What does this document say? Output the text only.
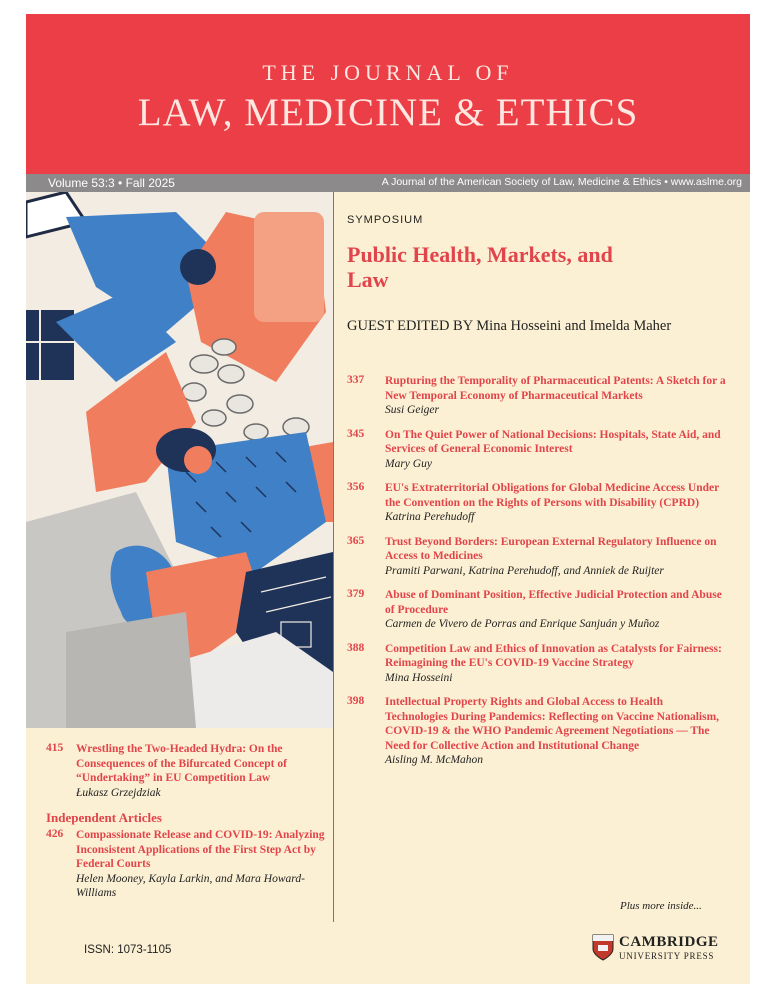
THE JOURNAL OF
LAW, MEDICINE & ETHICS
Volume 53:3 • Fall 2025	A Journal of the American Society of Law, Medicine & Ethics • www.aslme.org
SYMPOSIUM
Public Health, Markets, and Law
GUEST EDITED BY Mina Hosseini and Imelda Maher
337 Rupturing the Temporality of Pharmaceutical Patents: A Sketch for a New Temporal Economy of Pharmaceutical Markets
Susi Geiger
345 On The Quiet Power of National Decisions: Hospitals, State Aid, and Services of General Economic Interest
Mary Guy
356 EU's Extraterritorial Obligations for Global Medicine Access Under the Convention on the Rights of Persons with Disability (CPRD)
Katrina Perehudoff
365 Trust Beyond Borders: European External Regulatory Influence on Access to Medicines
Pramiti Parwani, Katrina Perehudoff, and Anniek de Ruijter
379 Abuse of Dominant Position, Effective Judicial Protection and Abuse of Procedure
Carmen de Vivero de Porras and Enrique Sanjuán y Muñoz
388 Competition Law and Ethics of Innovation as Catalysts for Fairness: Reimagining the EU's COVID-19 Vaccine Strategy
Mina Hosseini
398 Intellectual Property Rights and Global Access to Health Technologies During Pandemics: Reflecting on Vaccine Nationalism, COVID-19 & the WHO Pandemic Agreement Negotiations — The Need for Collective Action and Institutional Change
Aisling M. McMahon
415 Wrestling the Two-Headed Hydra: On the Consequences of the Bifurcated Concept of “Undertaking” in EU Competition Law
Łukasz Grzejdziak
Independent Articles
426 Compassionate Release and COVID-19: Analyzing Inconsistent Applications of the First Step Act by Federal Courts
Helen Mooney, Kayla Larkin, and Mara Howard-Williams
Plus more inside...
ISSN: 1073-1105	CAMBRIDGE
UNIVERSITY PRESS
